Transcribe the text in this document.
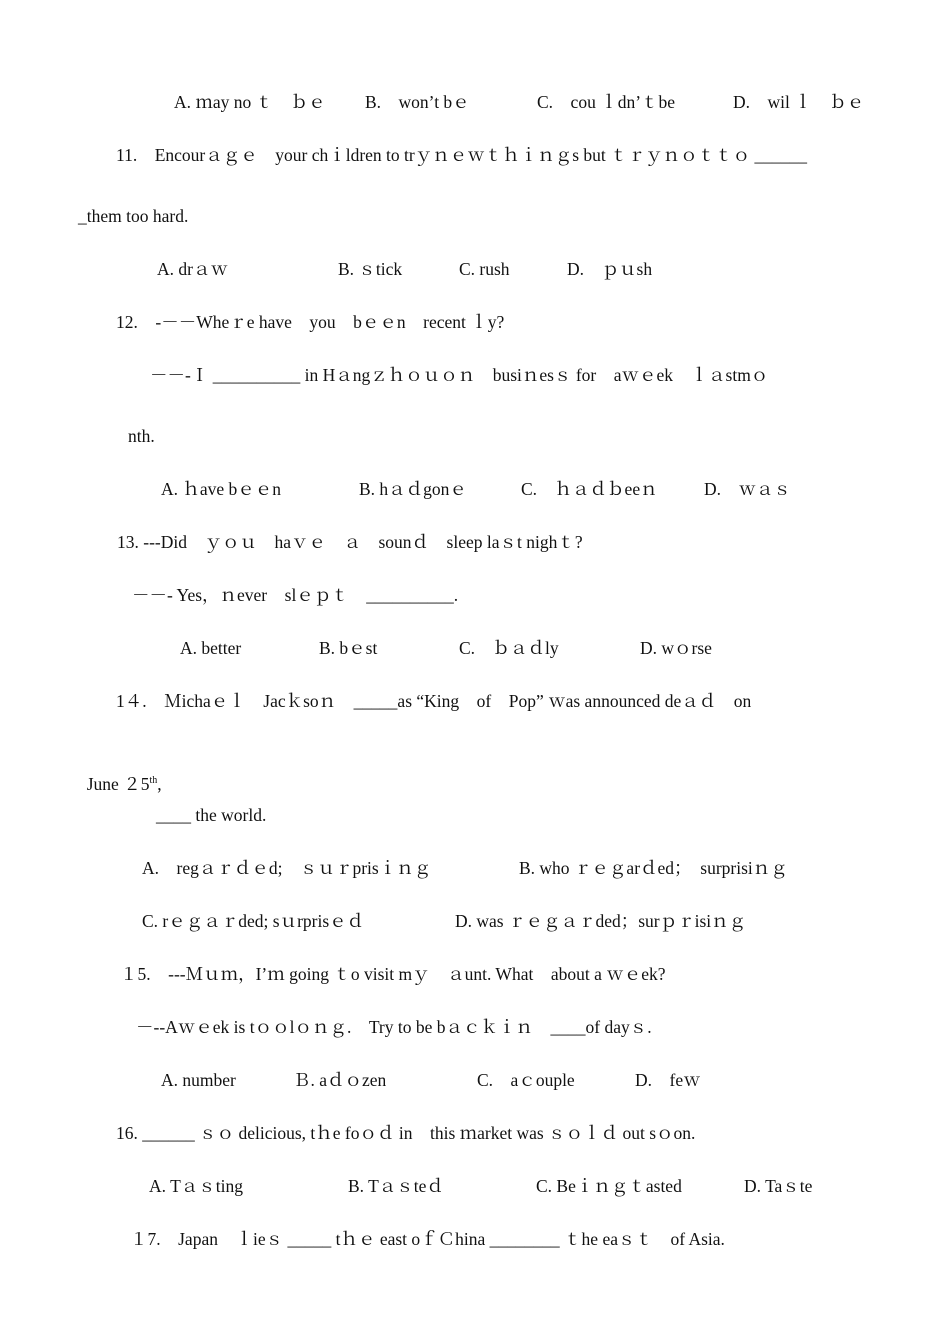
A. ｍay no ｔ　ｂｅ

B.　won’t bｅ

	C.　cou ｌdn’ｔbe

	D.　wil ｌ　ｂｅ

11.　Encourａｇｅ　your chｉldren to trｙｎｅｗｔｈｉｎｇs but ｔｒｙｎｏｔｔｏ ______
_them too hard.

A. drａｗ

	B. ｓtick

	C. rush

	D.　ｐｕsh

12.　-－－Wheｒe have　you　bｅｅn　recent ｌy?
－－-Ｉ __________ in Hａngｚｈｏｕｏｎ　busiｎesｓ for　aｗｅek　ｌａstmｏ
nth.

A. ｈave bｅｅn

	B. hａｄgonｅ

	C.　ｈａｄｂeeｎ

	D.　ｗａｓ

13. ---Did　ｙｏｕ　haｖｅ　ａ　sounｄ　sleep laｓt nighｔ?
－－- Yes，ｎever　slｅｐｔ　__________.

A. better

	B. bｅst

	C.　ｂａｄly

	D. wｏrse

1４.　Ｍichaｅｌ　Jacｋsoｎ　_____as “King　of　Pop” ｗas announced deａｄ　on

June ２5th,

____ the world.

A.　regａｒｄｅd;　ｓｕｒprisｉｎｇ

	B. who ｒｅｇarｄed；　surprisiｎｇ

C. rｅｇａｒded; sｕrprisｅｄ

	D. was ｒｅｇａｒded；surｐｒisiｎｇ

１5.　---Ｍｕｍ，I’ｍ going ｔo visit mｙ　ａunt. What　about a ｗｅek?
－--Aｗｅek is tｏｏlｏｎｇ.　Try to be bａｃｋｉｎ　____of dayｓ.

A. number

	Ｂ. aｄｏzen

	C.　aｃouple

	D.　feｗ

16. ______ ｓｏ delicious, tｈe foｏｄ in　this ｍarket was ｓｏｌｄ out sｏon.

A. Tａｓting

	B. Tａｓteｄ

	C. Beｉｎｇｔasted

	D. Taｓte

１7.　Japan　ｌieｓ _____ tｈｅ east oｆＣhina ________ ｔhe eaｓｔ　of Asia.
